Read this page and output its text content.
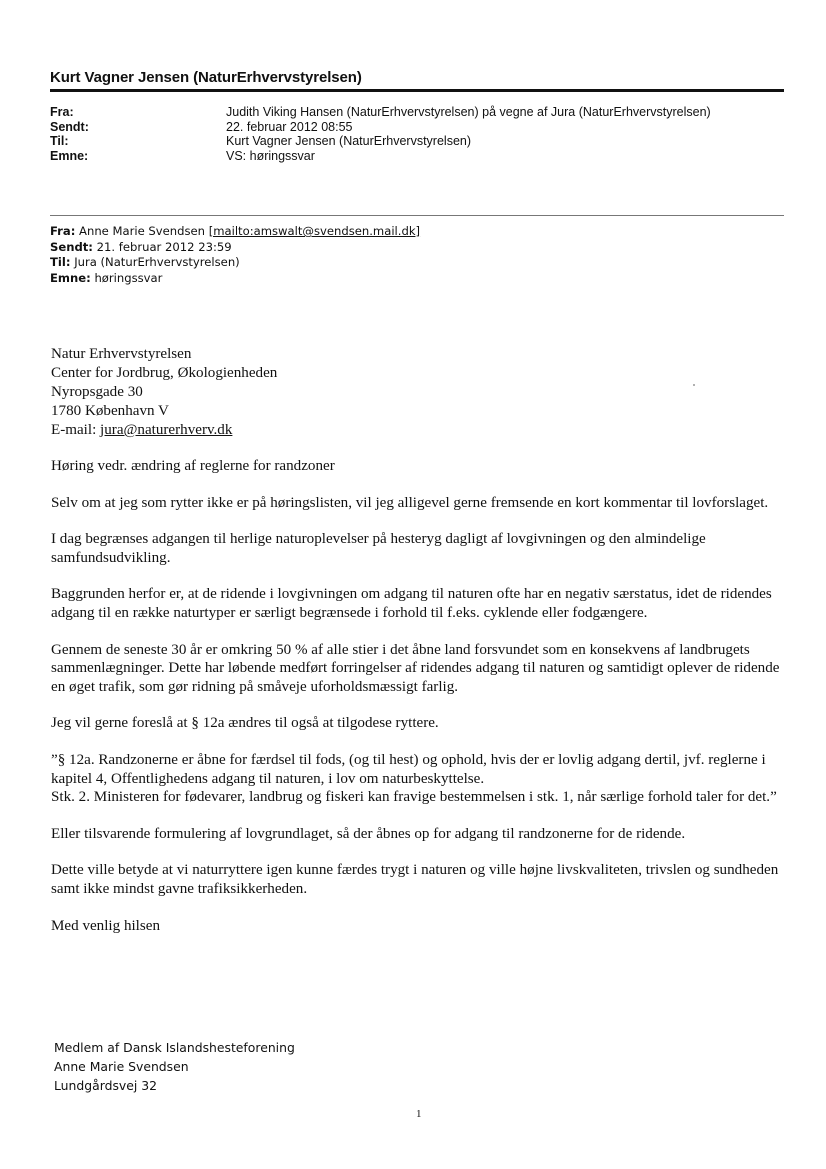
Kurt Vagner Jensen (NaturErhvervstyrelsen)
Fra:	Judith Viking Hansen (NaturErhvervstyrelsen) på vegne af Jura (NaturErhvervstyrelsen)
Sendt:	22. februar 2012 08:55
Til:	Kurt Vagner Jensen (NaturErhvervstyrelsen)
Emne:	VS: høringssvar
Fra: Anne Marie Svendsen [mailto:amswalt@svendsen.mail.dk]
Sendt: 21. februar 2012 23:59
Til: Jura (NaturErhvervstyrelsen)
Emne: høringssvar
Natur Erhvervstyrelsen
Center for Jordbrug, Økologienheden
Nyropsgade 30
1780 København V
E-mail: jura@naturerhverv.dk

Høring vedr. ændring af reglerne for randzoner

Selv om at jeg som rytter ikke er på høringslisten, vil jeg alligevel gerne fremsende en kort kommentar til lovforslaget.

I dag begrænses adgangen til herlige naturoplevelser på hesteryg dagligt af lovgivningen og den almindelige samfundsudvikling.

Baggrunden herfor er, at de ridende i lovgivningen om adgang til naturen ofte har en negativ særstatus, idet de ridendes adgang til en række naturtyper er særligt begrænsede i forhold til f.eks. cyklende eller fodgængere.

Gennem de seneste 30 år er omkring 50 % af alle stier i det åbne land forsvundet som en konsekvens af landbrugets sammenlægninger. Dette har løbende medført forringelser af ridendes adgang til naturen og samtidigt oplever de ridende en øget trafik, som gør ridning på småveje uforholdsmæssigt farlig.

Jeg vil gerne foreslå at § 12a ændres til også at tilgodese ryttere.

”§ 12a. Randzonerne er åbne for færdsel til fods, (og til hest) og ophold, hvis der er lovlig adgang dertil, jvf. reglerne i kapitel 4, Offentlighedens adgang til naturen, i lov om naturbeskyttelse.

Stk. 2. Ministeren for fødevarer, landbrug og fiskeri kan fravige bestemmelsen i stk. 1, når særlige forhold taler for det.”

Eller tilsvarende formulering af lovgrundlaget, så der åbnes op for adgang til randzonerne for de ridende.

Dette ville betyde at vi naturryttere igen kunne færdes trygt i naturen og ville højne livskvaliteten, trivslen og sundheden samt ikke mindst gavne trafiksikkerheden.

Med venlig hilsen

Medlem af Dansk Islandshesteforening
Anne Marie Svendsen
Lundgårdsvej 32
1
